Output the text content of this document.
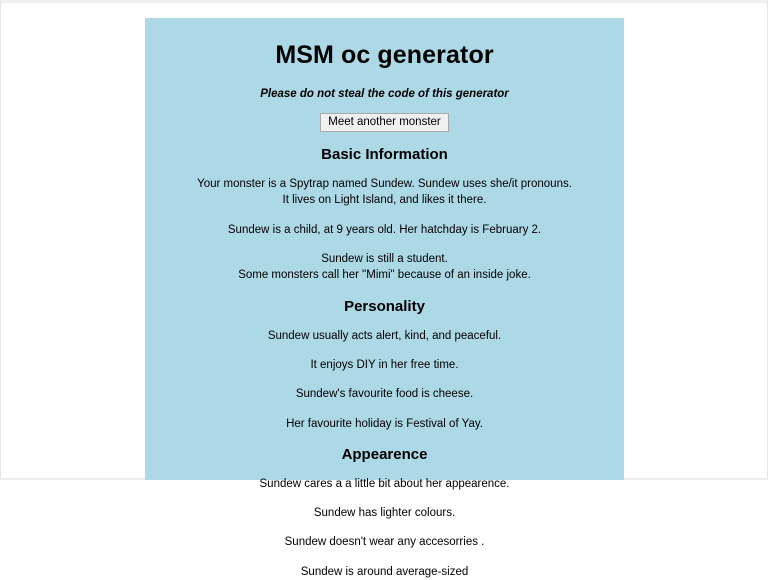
MSM oc generator

Please do not steal the code of this generator

Meet another monster
Basic Information

Your monster is a Spytrap named Sundew. Sundew uses she/it pronouns. It lives on Light Island, and likes it there.

Sundew is a child, at 9 years old. Her hatchday is February 2.

Sundew is still a student.
Some monsters call her "Mimi" because of an inside joke.

Personality

Sundew usually acts alert, kind, and peaceful.

It enjoys DIY in her free time.

Sundew's favourite food is cheese.

Her favourite holiday is Festival of Yay.

Appearence

Sundew cares a a little bit about her appearence.

Sundew has lighter colours.

Sundew doesn't wear any accesorries .

Sundew is around average-sized
